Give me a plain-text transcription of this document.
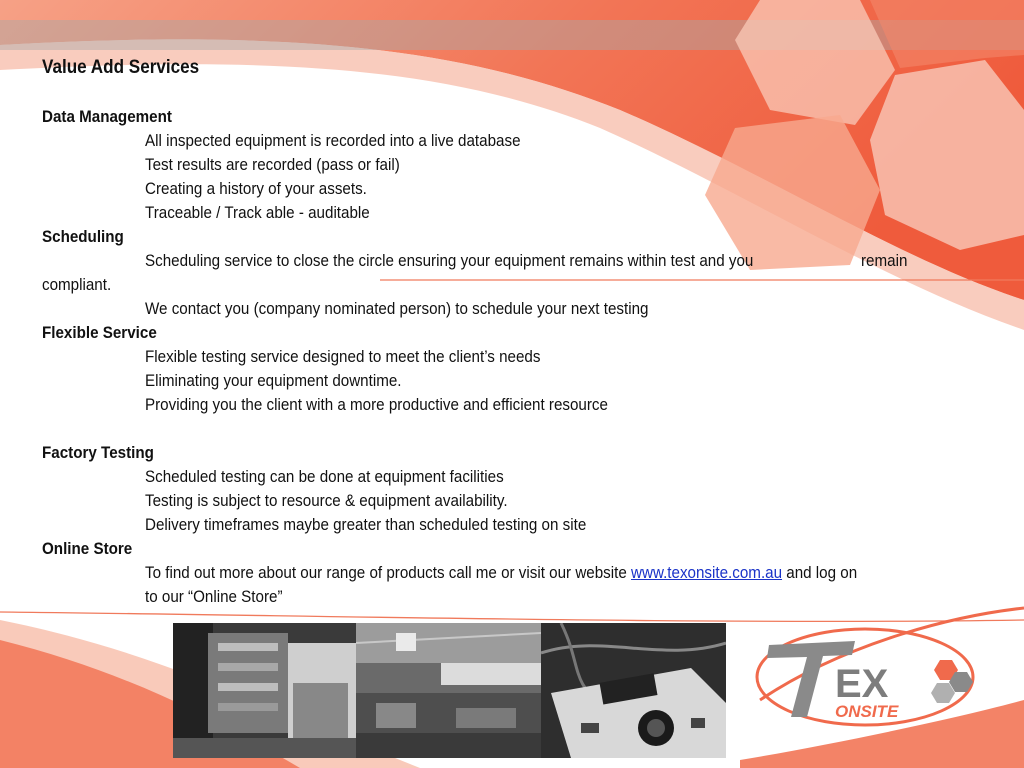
Value Add Services
Data Management
All inspected equipment is recorded into a live database
Test results are recorded (pass or fail)
Creating a history of your assets.
Traceable / Track able - auditable
Scheduling
Scheduling service to close the circle ensuring your equipment remains within test and you	remain
compliant.
We contact you (company nominated person) to schedule your next testing
Flexible Service
Flexible testing service designed to meet the client’s needs
Eliminating your equipment downtime.
Providing you the client with a more productive and efficient resource
Factory Testing
Scheduled testing can be done at equipment facilities
Testing is subject to resource & equipment availability.
Delivery timeframes maybe greater than scheduled testing on site
Online Store
To find out more about our range of products call me or visit our website www.texonsite.com.au and log on
to our “Online Store”
EX
ONSITE
